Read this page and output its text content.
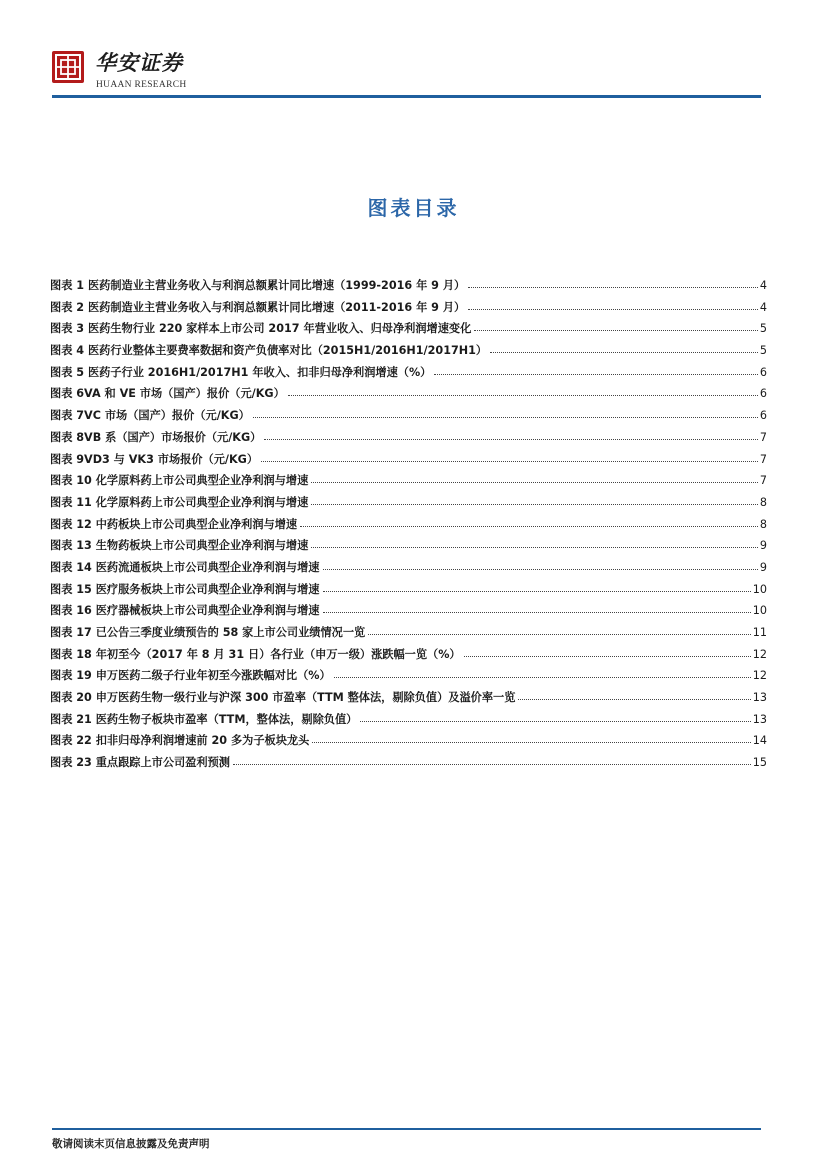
华安证券
HUAAN RESEARCH
图表目录
图表 1 医药制造业主营业务收入与利润总额累计同比增速（1999-2016 年 9 月）	4
图表 2 医药制造业主营业务收入与利润总额累计同比增速（2011-2016 年 9 月）	4
图表 3 医药生物行业 220 家样本上市公司 2017 年营业收入、归母净利润增速变化	5
图表 4 医药行业整体主要费率数据和资产负债率对比（2015H1/2016H1/2017H1）	5
图表 5 医药子行业 2016H1/2017H1 年收入、扣非归母净利润增速（%）	6
图表 6VA 和 VE 市场（国产）报价（元/KG）	6
图表 7VC 市场（国产）报价（元/KG）	6
图表 8VB 系（国产）市场报价（元/KG）	7
图表 9VD3 与 VK3 市场报价（元/KG）	7
图表 10 化学原料药上市公司典型企业净利润与增速	7
图表 11 化学原料药上市公司典型企业净利润与增速	8
图表 12 中药板块上市公司典型企业净利润与增速	8
图表 13 生物药板块上市公司典型企业净利润与增速	9
图表 14 医药流通板块上市公司典型企业净利润与增速	9
图表 15 医疗服务板块上市公司典型企业净利润与增速	10
图表 16 医疗器械板块上市公司典型企业净利润与增速	10
图表 17 已公告三季度业绩预告的 58 家上市公司业绩情况一览	11
图表 18 年初至今（2017 年 8 月 31 日）各行业（申万一级）涨跌幅一览（%）	12
图表 19 申万医药二级子行业年初至今涨跌幅对比（%）	12
图表 20 申万医药生物一级行业与沪深 300 市盈率（TTM 整体法，剔除负值）及溢价率一览	13
图表 21 医药生物子板块市盈率（TTM，整体法，剔除负值）	13
图表 22 扣非归母净利润增速前 20 多为子板块龙头	14
图表 23 重点跟踪上市公司盈利预测	15
敬请阅读末页信息披露及免责声明
